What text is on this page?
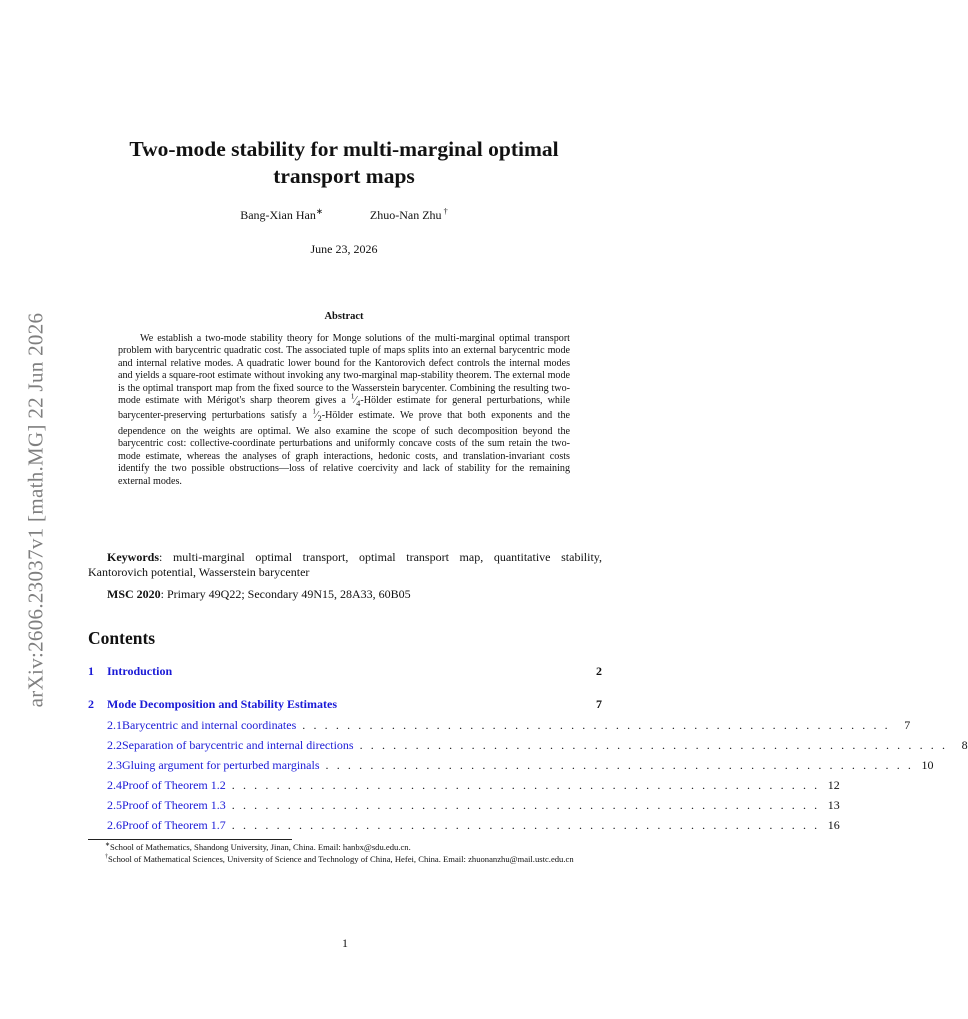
arXiv:2606.23037v1 [math.MG] 22 Jun 2026
Two-mode stability for multi-marginal optimal
transport maps
Bang-Xian Han∗	Zhuo-Nan Zhu †
June 23, 2026
Abstract

We establish a two-mode stability theory for Monge solutions of the multi-marginal optimal transport problem with barycentric quadratic cost. The associated tuple of maps splits into an external barycentric mode and internal relative modes. A quadratic lower bound for the Kantorovich defect controls the internal modes and yields a square-root estimate without invoking any two-marginal map-stability theorem. The external mode is the optimal transport map from the fixed source to the Wasserstein barycenter. Combining the resulting two-mode estimate with Mérigot's sharp theorem gives a $^1⁄_4$-Hölder estimate for general perturbations, while barycenter-preserving perturbations satisfy a $^1⁄_2$-Hölder estimate. We prove that both exponents and the dependence on the weights are optimal. We also examine the scope of such decomposition beyond the barycentric cost: collective-coordinate perturbations and uniformly concave costs of the sum retain the two-mode estimate, whereas the analyses of graph interactions, hedonic costs, and translation-invariant costs identify the two possible obstructions—loss of relative coercivity and lack of stability for the remaining external modes.

Keywords: multi-marginal optimal transport, optimal transport map, quantitative stability, Kantorovich potential, Wasserstein barycenter

MSC 2020: Primary 49Q22; Secondary 49N15, 28A33, 60B05

Contents
1	Introduction	2
2	Mode Decomposition and Stability Estimates	7
2.1 Barycentric and internal coordinates . . . . . . . . . . . . . . . . . . . . . . . . . . . . . . . . . . . . . . . . . . . . . . . . . . . . .	7
2.2 Separation of barycentric and internal directions . . . . . . . . . . . . . . . . . . . . . . . . . . . . . . . . . . . . . . . . . . . . . . . . . . . . .	8
2.3 Gluing argument for perturbed marginals . . . . . . . . . . . . . . . . . . . . . . . . . . . . . . . . . . . . . . . . . . . . . . . . . . . . . 10
2.4 Proof of Theorem 1.2 . . . . . . . . . . . . . . . . . . . . . . . . . . . . . . . . . . . . . . . . . . . . . . . . . . . . . 12
2.5 Proof of Theorem 1.3 . . . . . . . . . . . . . . . . . . . . . . . . . . . . . . . . . . . . . . . . . . . . . . . . . . . . . 13
2.6 Proof of Theorem 1.7 . . . . . . . . . . . . . . . . . . . . . . . . . . . . . . . . . . . . . . . . . . . . . . . . . . . . . 16

∗School of Mathematics, Shandong University, Jinan, China. Email: hanbx@sdu.edu.cn.

†School of Mathematical Sciences, University of Science and Technology of China, Hefei, China. Email: zhuonanzhu@mail.ustc.edu.cn

1
